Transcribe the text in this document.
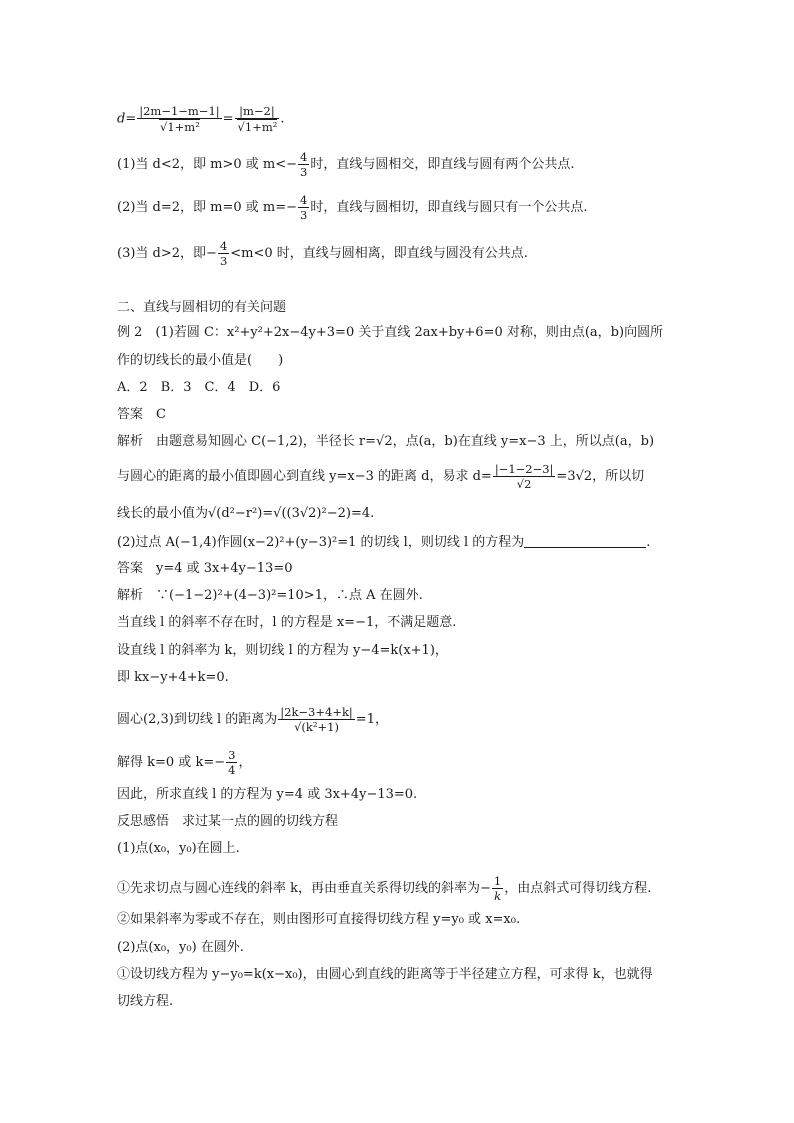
d= |2m−1−m−1|
√ 1+m² = |m−2|
√ 1+m² .
(1)当 d<2，即 m>0 或 $m<- \frac{4}{3}$ 时，直线与圆相交，即直线与圆有两个公共点.
(2)当 d=2，即 m=0 或 $m=- \frac{4}{3}$ 时，直线与圆相切，即直线与圆只有一个公共点.
(3)当 d>2，即− $\frac{4}{3} <m<0$ 时，直线与圆相离，即直线与圆没有公共点.
二、直线与圆相切的有关问题
例 2　(1)若圆 C：x²+y²+2x−4y+3=0 关于直线 2ax+by+6=0 对称，则由点(a，b)向圆所
作的切线长的最小值是(　　)
A．2　B．3　C．4　D．6
答案　C
解析　由题意易知圆心 C(−1,2)，半径长 r=√2，点(a，b)在直线 y=x−3 上，所以点(a，b)
与圆心的距离的最小值即圆心到直线 y=x−3 的距离 d，易求 $d= \frac{|-1-2-3|}{√2} =3√2$，所以切
线长的最小值为√(d²−r²)=√((3√2)²−2)=4.
(2)过点 A(−1,4)作圆(x−2)²+(y−3)²=1 的切线 l，则切线 l 的方程为	.
答案　y=4 或 3x+4y−13=0
解析　∵(−1−2)²+(4−3)²=10>1，∴点 A 在圆外.
当直线 l 的斜率不存在时，l 的方程是 x=−1，不满足题意.
设直线 l 的斜率为 k，则切线 l 的方程为 y−4=k(x+1)，
即 kx−y+4+k=0.
圆心(2,3)到切线 l 的距离为 $\frac{|2k-3+4+k|}{\text{√(k²+1)}} =1$，
解得 k=0 或 $k=- \frac{3}{4}$ ，
因此，所求直线 l 的方程为 y=4 或 3x+4y−13=0.
反思感悟　求过某一点的圆的切线方程
(1)点(x₀，y₀)在圆上.
①先求切点与圆心连线的斜率 k，再由垂直关系得切线的斜率为− $\frac{1}{k}$ ，由点斜式可得切线方程.
②如果斜率为零或不存在，则由图形可直接得切线方程 y=y₀ 或 x=x₀.
(2)点(x₀，y₀) 在圆外.
①设切线方程为 y−y₀=k(x−x₀)，由圆心到直线的距离等于半径建立方程，可求得 k，也就得
切线方程.
